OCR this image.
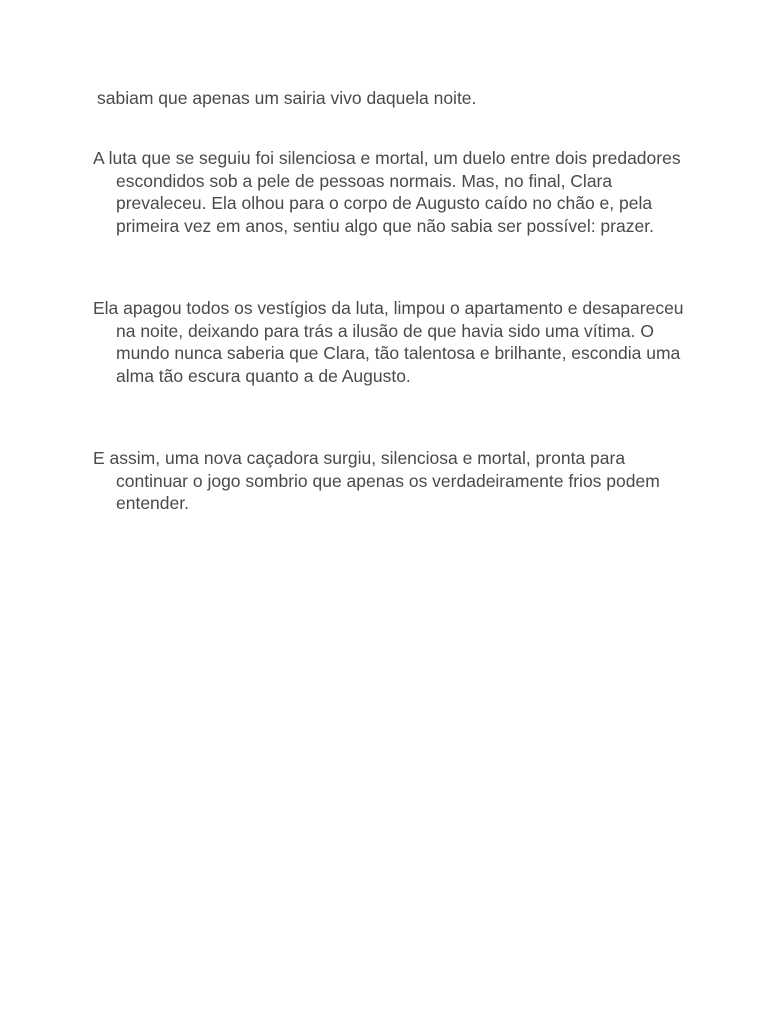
sabiam que apenas um sairia vivo daquela noite.

A luta que se seguiu foi silenciosa e mortal, um duelo entre dois predadores escondidos sob a pele de pessoas normais. Mas, no final, Clara prevaleceu. Ela olhou para o corpo de Augusto caído no chão e, pela primeira vez em anos, sentiu algo que não sabia ser possível: prazer.

Ela apagou todos os vestígios da luta, limpou o apartamento e desapareceu na noite, deixando para trás a ilusão de que havia sido uma vítima. O mundo nunca saberia que Clara, tão talentosa e brilhante, escondia uma alma tão escura quanto a de Augusto.

E assim, uma nova caçadora surgiu, silenciosa e mortal, pronta para continuar o jogo sombrio que apenas os verdadeiramente frios podem entender.
